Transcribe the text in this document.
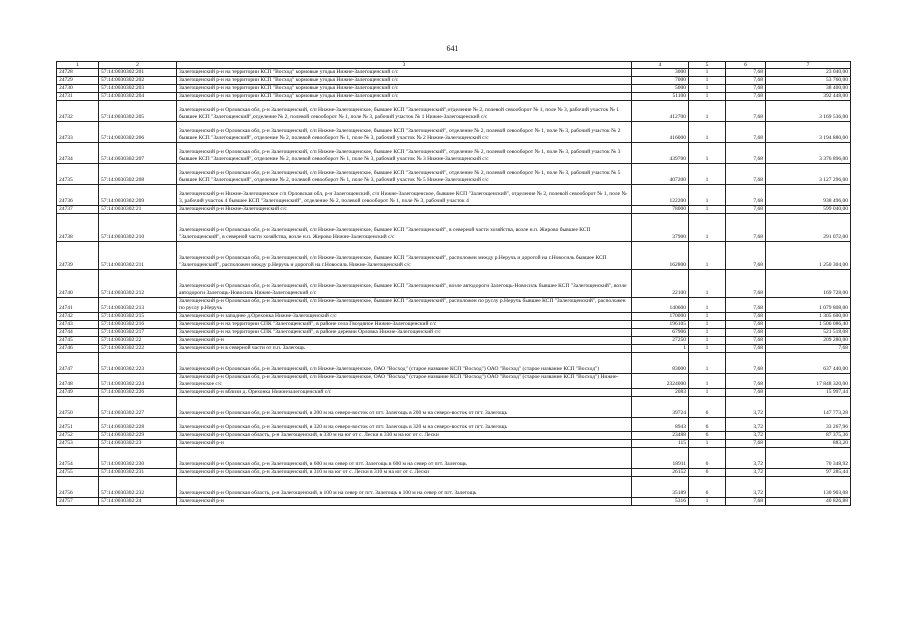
641
1	2	3	4	5	6	7
24728	57:14:0030302:201	Залегощенский р-н на территории КСП "Восход" кормовые угодья Нижне-Залегощенский с/с	3000	1	7,68	23 040,00
24729	57:14:0030302:202	Залегощенский р-н на территории КСП "Восход" кормовые угодья Нижне-Залегощенский с/с	7000	1	7,68	53 760,00
24730	57:14:0030302:203	Залегощенский р-н на территории КСП "Восход" кормовые угодья Нижне-Залегощенский с/с	5000	1	7,68	38 400,00
24731	57:14:0030302:204	Залегощенский р-н на территории КСП "Восход" кормовые угодья Нижне-Залегощенский с/с	51100	1	7,68	392 448,00
24732	57:14:0030302:205	Залегощенский р-н Орловская обл, р-н Залегощенский, с/п Нижне-Залегощенское, бывшее КСП "Залегощенский",отделение № 2, полевой севооборот № 1, поле № 3, рабочий участок № 1 бывшее КСП "Залегощенский",отделение № 2, полевой севооборот № 1, поле № 3, рабочий участок № 1 Нижне-Залегощенский с/с	412700	1	7,68	3 169 536,00
24733	57:14:0030302:206	Залегощенский р-н Орловская обл, р-н Залегощенский, с/п Нижне-Залегощенское, бывшее КСП "Залегощенский", отделение № 2, полевой севооборот № 1, поле № 3, рабочий участок № 2 бывшее КСП "Залегощенский", отделение № 2, полевой севооборот № 1, поле № 3, рабочий участок № 2 Нижне-Залегощенский с/с	416000	1	7,68	3 194 880,00
24734	57:14:0030302:207	Залегощенский р-н Орловская обл, р-н Залегощенский, с/п Нижне-Залегощенское, бывшее КСП "Залегощенский", отделение № 2, полевой севооборот № 1, поле № 3, рабочий участок № 3 бывшее КСП "Залегощенский", отделение № 2, полевой севооборот № 1, поле № 3, рабочий участок № 3 Нижне-Залегощенский с/с	439700	1	7,68	3 376 896,00
24735	57:14:0030302:208	Залегощенский р-н Орловская обл, р-н Залегощенский, с/п Нижне-Залегощенское, бывшее КСП "Залегощенский", отделение № 2, полевой севооборот № 1, поле № 3, рабочий участок № 5 бывшее КСП "Залегощенский", отделение № 2, полевой севооборот № 1, поле № 3, рабочий участок № 5 Нижне-Залегощенский с/с	407200	1	7,68	3 127 296,00
24736	57:14:0030302:209	Залегощенский р-н Нижне-Залегощенское с/п Орловская обл, р-н Залегощенский, с/п Нижне-Залегощенское, бывшее КСП "Залегощенский", отделение № 2, полевой севооборот № 1, поле № 3, рабочий участок 4 бывшее КСП "Залегощенский", отделение № 2, полевой севооборот № 1, поле № 3, рабочий участок 4	122200	1	7,68	938 496,00
24737	57:14:0030302:21	Залегощенский р-н Нижне-Залегощенский с/с	78000	1	7,68	599 040,00
24738	57:14:0030302:210	Залегощенский р-н Орловская обл, р-н Залегощенский, с/п Нижне-Залегощенское, бывшее КСП "Залегощенский", в северной части хозяйства, возле н.п. Жирово бывшее КСП "Залегощенский", в северной части хозяйства, возле н.п. Жирово Нижне-Залегощенский с/с	37900	1	7,68	291 072,00
24739	57:14:0030302:211	Залегощенский р-н Орловская обл, р-н Залегощенский, с/п Нижне-Залегощенское, бывшее КСП "Залегощенский", расположен между р.Неручь и дорогой на г.Новосиль бывшее КСП "Залегощенский", расположен между р.Неручь и дорогой на г.Новосиль Нижне-Залегощенский с/с	162800	1	7,68	1 250 304,00
24740	57:14:0030302:212	Залегощенский р-н Орловская обл, р-н Залегощенский, с/п Нижне-Залегощенское, бывшее КСП "Залегощенский", возле автодороги Залегощь-Новосиль бывшее КСП "Залегощенский", возле автодороги Залегощь-Новосиль Нижне-Залегощенский с/с	22100	1	7,68	169 728,00
24741	57:14:0030302:213	Залегощенский р-н Орловская обл, р-н Залегощенский, с/п Нижне-Залегощенское, бывшее КСП "Залегощенский", расположен по руслу р.Неручь бывшее КСП "Залегощенский", расположен по руслу р.Неручь	140600	1	7,68	1 079 808,00
24742	57:14:0030302:215	Залегощенский р-н западнее д.Орехонка Нижне-Залегощенский с/с	170000	1	7,68	1 305 600,00
24743	57:14:0030302:216	Залегощенский р-н на территории СПК "Залегощенский", в районе села Гвоздяное Нижне-Залегощенский с/с	196105	1	7,68	1 506 086,40
24744	57:14:0030302:217	Залегощенский р-н на территории СПК "Залегощенский", в районе деревни Орловка Нижне-Залегощенский с/с	67906	1	7,68	521 518,08
24745	57:14:0030302:22	Залегощенский р-н	27250	1	7,68	209 280,00
24746	57:14:0030302:222	Залегощенский р-н в северной части от п.п. Залегощь	1	1	7,68	7,68
24747	57:14:0030302:223	Залегощенский р-н Орловская обл, р-н Залегощенский, с/п Нижне-Залегощенское, ОАО "Восход" (старое название КСП "Восход") ОАО "Восход" (старое название КСП "Восход")	83000	1	7,68	637 440,00
24748	57:14:0030302:224	Залегощенский р-н Орловская обл, р-н Залегощенский, с/п Нижне-Залегощенское, ОАО "Восход" (старое название КСП "Восход") ОАО "Восход" (старое название КСП "Восход") Нижне-Залегощенское с/с	2324000	1	7,68	17 848 320,00
24749	57:14:0030302:226	Залегощенский р-н вблизи д. Орехонка Нижнезалегощенский с/с	2083	1	7,68	15 997,44
24750	57:14:0030302:227	Залегощенский р-н Орловская обл, р-н Залегощенский, в 200 м на северо-восток от пгт. Залегощь в 200 м на северо-восток от пгт. Залегощь	39724	6	3,72	147 773,28
24751	57:14:0030302:228	Залегощенский р-н Орловская обл, р-н Залегощенский, в 320 м на северо-восток от пгт. Залегощь в 320 м на северо-восток от пгт. Залегощь	8943	6	3,72	33 267,96
24752	57:14:0030302:229	Залегощенский р-н Орловская область, р-н Залегощенский, в 330 м на юг от с. Лески в 330 м на юг от с. Лески	23488	6	3,72	87 375,36
24753	57:14:0030302:23	Залегощенский р-н	115	1	7,68	883,20
24754	57:14:0030302:230	Залегощенский р-н Орловская обл, р-н Залегощенский, в 600 м на север от пгт. Залегощь в 600 м на север от пгт. Залегощь	18911	6	3,72	70 348,92
24755	57:14:0030302:231	Залегощенский р-н Орловская обл, р-н Залегощенский, в 310 м на юг от с. Лески в 310 м на юг от с. Лески	26152	6	3,72	97 285,44
24756	57:14:0030302:232	Залегощенский р-н Орловская область, р-н Залегощенский, в 100 м на север от пгт. Залегощь в 100 м на север от пгт. Залегощь	35189	6	3,72	130 903,08
24757	57:14:0030302:24	Залегощенский р-н	5316	1	7,68	40 826,88
